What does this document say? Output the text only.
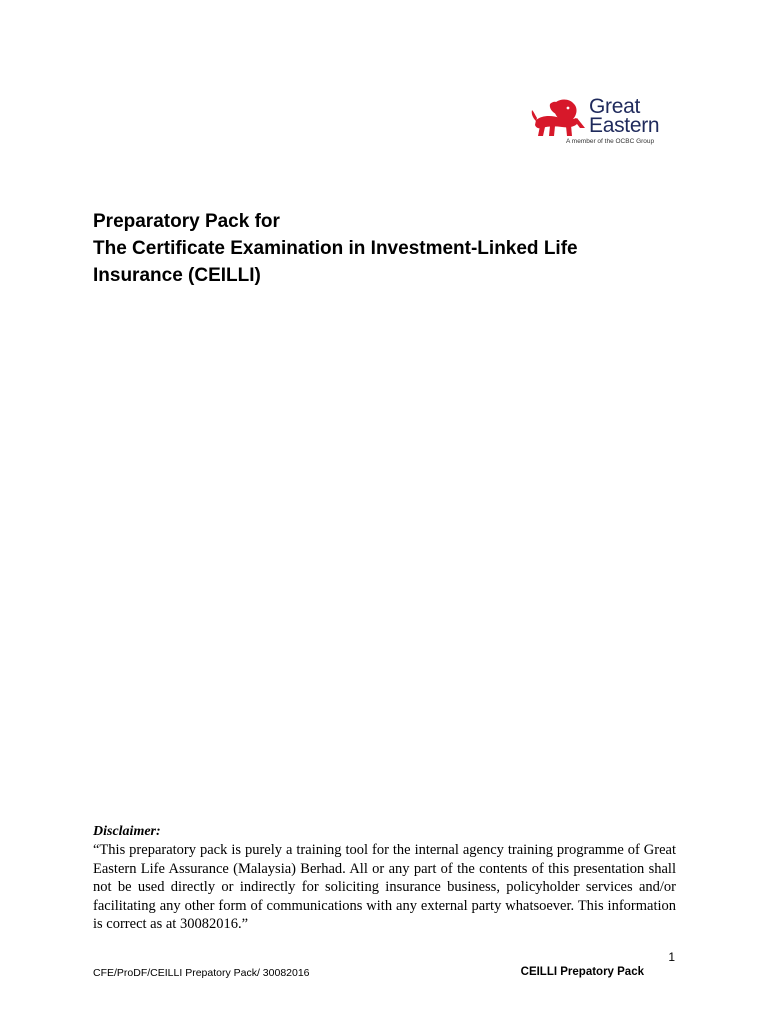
Great
Eastern
A member of the OCBC Group
Preparatory Pack for
The Certificate Examination in Investment-Linked Life
Insurance (CEILLI)
Disclaimer:
“This preparatory pack is purely a training tool for the internal agency training programme of Great Eastern Life Assurance (Malaysia) Berhad. All or any part of the contents of this presentation shall not be used directly or indirectly for soliciting insurance business, policyholder services and/or facilitating any other form of communications with any external party whatsoever. This information is correct as at 30082016.”
1
CFE/ProDF/CEILLI Prepatory Pack/ 30082016	CEILLI Prepatory Pack
